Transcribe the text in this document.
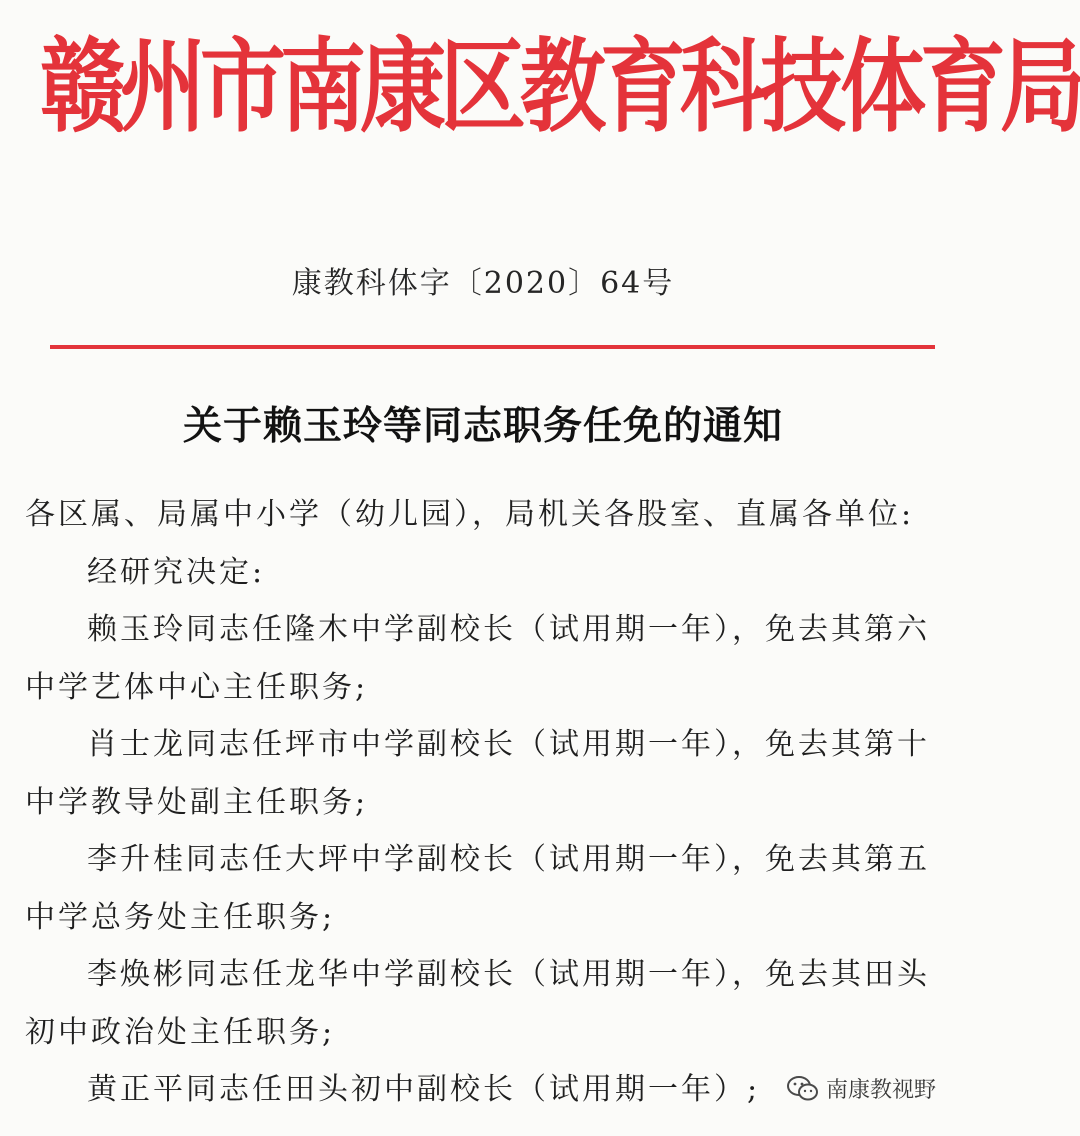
赣州市南康区教育科技体育局
康教科体字〔2020〕64号
关于赖玉玲等同志职务任免的通知
各区属、局属中小学（幼儿园），局机关各股室、直属各单位:
经研究决定:
赖玉玲同志任隆木中学副校长（试用期一年），免去其第六
中学艺体中心主任职务;
肖士龙同志任坪市中学副校长（试用期一年），免去其第十
中学教导处副主任职务;
李升桂同志任大坪中学副校长（试用期一年），免去其第五
中学总务处主任职务;
李焕彬同志任龙华中学副校长（试用期一年），免去其田头
初中政治处主任职务;
黄正平同志任田头初中副校长（试用期一年）;	南康教视野
